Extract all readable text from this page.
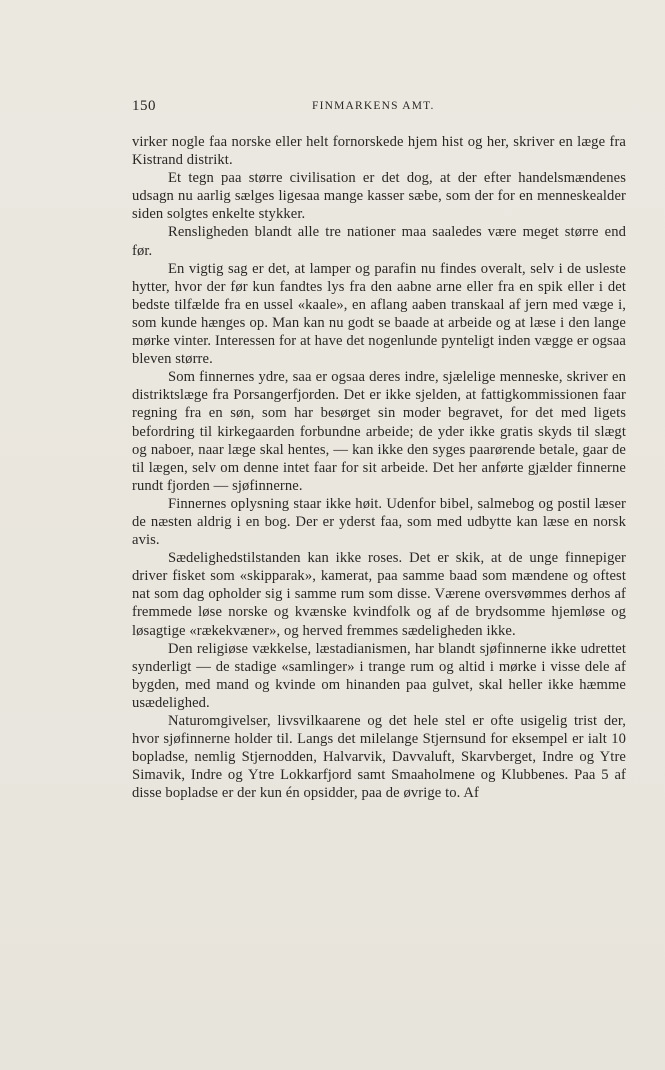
150	FINMARKENS AMT.

virker nogle faa norske eller helt fornorskede hjem hist og her, skriver en læge fra Kistrand distrikt.

Et tegn paa større civilisation er det dog, at der efter handelsmændenes udsagn nu aarlig sælges ligesaa mange kasser sæbe, som der for en menneskealder siden solgtes enkelte stykker.

Rensligheden blandt alle tre nationer maa saaledes være meget større end før.

En vigtig sag er det, at lamper og parafin nu findes overalt, selv i de usleste hytter, hvor der før kun fandtes lys fra den aabne arne eller fra en spik eller i det bedste tilfælde fra en ussel «kaale», en aflang aaben transkaal af jern med væge i, som kunde hænges op. Man kan nu godt se baade at arbeide og at læse i den lange mørke vinter. Interessen for at have det nogenlunde pynteligt inden vægge er ogsaa bleven større.

Som finnernes ydre, saa er ogsaa deres indre, sjælelige menneske, skriver en distriktslæge fra Porsangerfjorden. Det er ikke sjelden, at fattigkommissionen faar regning fra en søn, som har besørget sin moder begravet, for det med ligets befordring til kirkegaarden forbundne arbeide; de yder ikke gratis skyds til slægt og naboer, naar læge skal hentes, — kan ikke den syges paarørende betale, gaar de til lægen, selv om denne intet faar for sit arbeide. Det her anførte gjælder finnerne rundt fjorden — sjøfinnerne.

Finnernes oplysning staar ikke høit. Udenfor bibel, salmebog og postil læser de næsten aldrig i en bog. Der er yderst faa, som med udbytte kan læse en norsk avis.

Sædelighedstilstanden kan ikke roses. Det er skik, at de unge finnepiger driver fisket som «skipparak», kamerat, paa samme baad som mændene og oftest nat som dag opholder sig i samme rum som disse. Værene oversvømmes derhos af fremmede løse norske og kvænske kvindfolk og af de brydsomme hjemløse og løsagtige «rækekvæner», og herved fremmes sædeligheden ikke.

Den religiøse vækkelse, læstadianismen, har blandt sjøfinnerne ikke udrettet synderligt — de stadige «samlinger» i trange rum og altid i mørke i visse dele af bygden, med mand og kvinde om hinanden paa gulvet, skal heller ikke hæmme usædelighed.

Naturomgivelser, livsvilkaarene og det hele stel er ofte usigelig trist der, hvor sjøfinnerne holder til. Langs det milelange Stjernsund for eksempel er ialt 10 bopladse, nemlig Stjernodden, Halvarvik, Davvaluft, Skarvberget, Indre og Ytre Simavik, Indre og Ytre Lokkarfjord samt Smaaholmene og Klubbenes. Paa 5 af disse bopladse er der kun én opsidder, paa de øvrige to. Af
